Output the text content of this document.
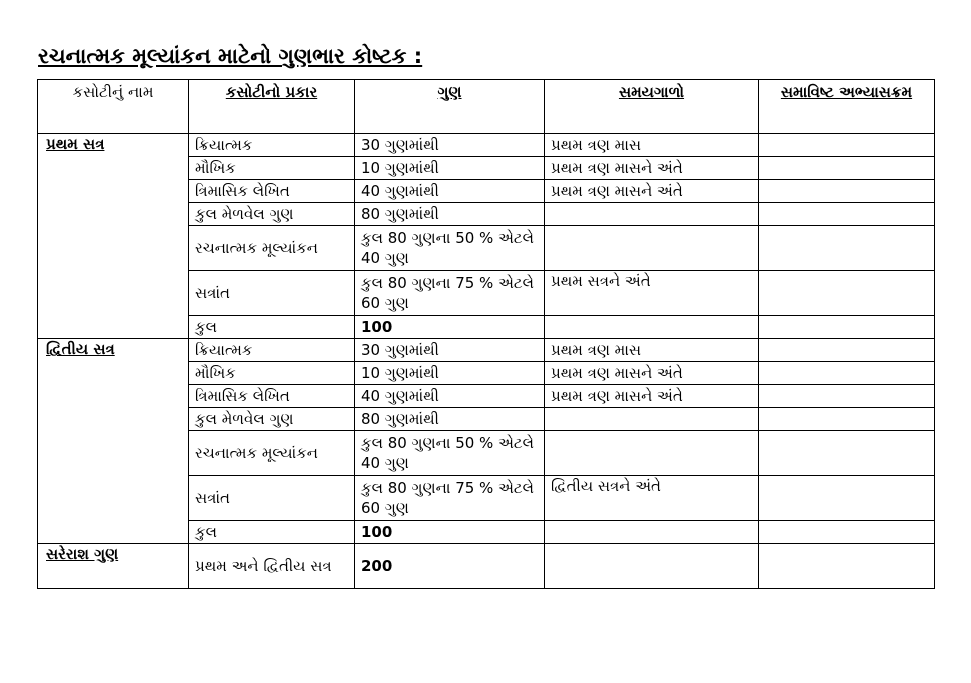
રચનાત્મક મૂલ્યાંકન માટેનો ગુણભાર કોષ્ટક :
કસોટીનું નામ	કસોટીનો પ્રકાર	ગુણ	સમયગાળો	સમાવિષ્ટ અભ્યાસક્રમ
પ્રથમ સત્ર	ક્રિયાત્મક	30 ગુણમાંથી	પ્રથમ ત્રણ માસ	
	મૌખિક	10 ગુણમાંથી	પ્રથમ ત્રણ માસને અંતે	
	ત્રિમાસિક લેખિત	40 ગુણમાંથી	પ્રથમ ત્રણ માસને અંતે	
	કુલ મેળવેલ ગુણ	80 ગુણમાંથી		
	રચનાત્મક મૂલ્યાંકન	કુલ 80 ગુણના 50 % એટલે 40 ગુણ		
	સત્રાંત	કુલ 80 ગુણના 75 % એટલે 60 ગુણ	પ્રથમ સત્રને અંતે	
	કુલ	100		
દ્વિતીય સત્ર	ક્રિયાત્મક	30 ગુણમાંથી	પ્રથમ ત્રણ માસ	
	મૌખિક	10 ગુણમાંથી	પ્રથમ ત્રણ માસને અંતે	
	ત્રિમાસિક લેખિત	40 ગુણમાંથી	પ્રથમ ત્રણ માસને અંતે	
	કુલ મેળવેલ ગુણ	80 ગુણમાંથી		
	રચનાત્મક મૂલ્યાંકન	કુલ 80 ગુણના 50 % એટલે 40 ગુણ		
	સત્રાંત	કુલ 80 ગુણના 75 % એટલે 60 ગુણ	દ્વિતીય સત્રને અંતે	
	કુલ	100		
સરેરાશ ગુણ	પ્રથમ અને દ્વિતીય સત્ર	200		
